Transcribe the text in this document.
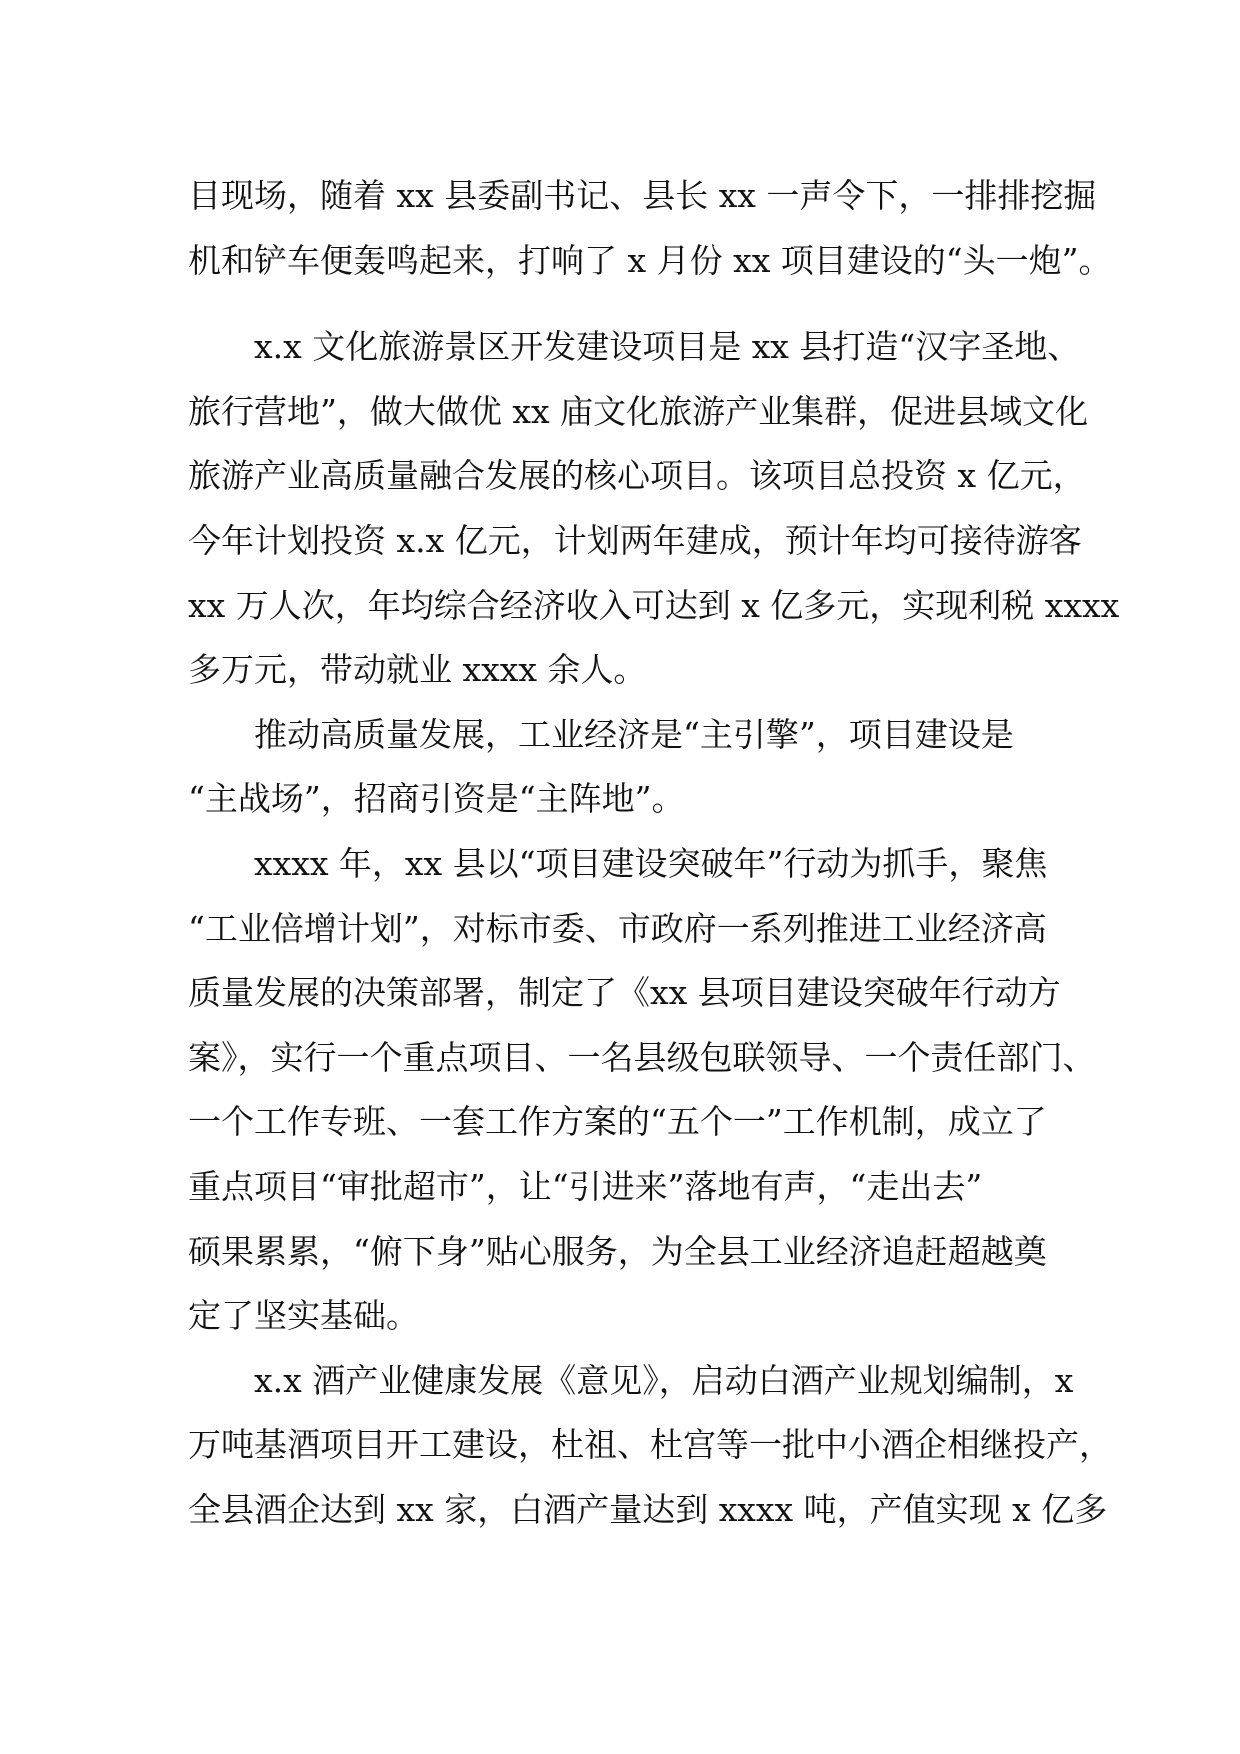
目现场，随着 xx 县委副书记、县长 xx 一声令下，一排排挖掘
机和铲车便轰鸣起来，打响了 x 月份 xx 项目建设的“头一炮”。
x.x 文化旅游景区开发建设项目是 xx 县打造“汉字圣地、
旅行营地”，做大做优 xx 庙文化旅游产业集群，促进县域文化
旅游产业高质量融合发展的核心项目。该项目总投资 x 亿元，
今年计划投资 x.x 亿元，计划两年建成，预计年均可接待游客
xx 万人次，年均综合经济收入可达到 x 亿多元，实现利税 xxxx
多万元，带动就业 xxxx 余人。
推动高质量发展，工业经济是“主引擎”，项目建设是
“主战场”，招商引资是“主阵地”。
xxxx 年，xx 县以“项目建设突破年”行动为抓手，聚焦
“工业倍增计划”，对标市委、市政府一系列推进工业经济高
质量发展的决策部署，制定了《xx 县项目建设突破年行动方
案》，实行一个重点项目、一名县级包联领导、一个责任部门、
一个工作专班、一套工作方案的“五个一”工作机制，成立了
重点项目“审批超市”，让“引进来”落地有声，“走出去”
硕果累累，“俯下身”贴心服务，为全县工业经济追赶超越奠
定了坚实基础。
x.x 酒产业健康发展《意见》，启动白酒产业规划编制，x
万吨基酒项目开工建设，杜祖、杜宫等一批中小酒企相继投产，
全县酒企达到 xx 家，白酒产量达到 xxxx 吨，产值实现 x 亿多
